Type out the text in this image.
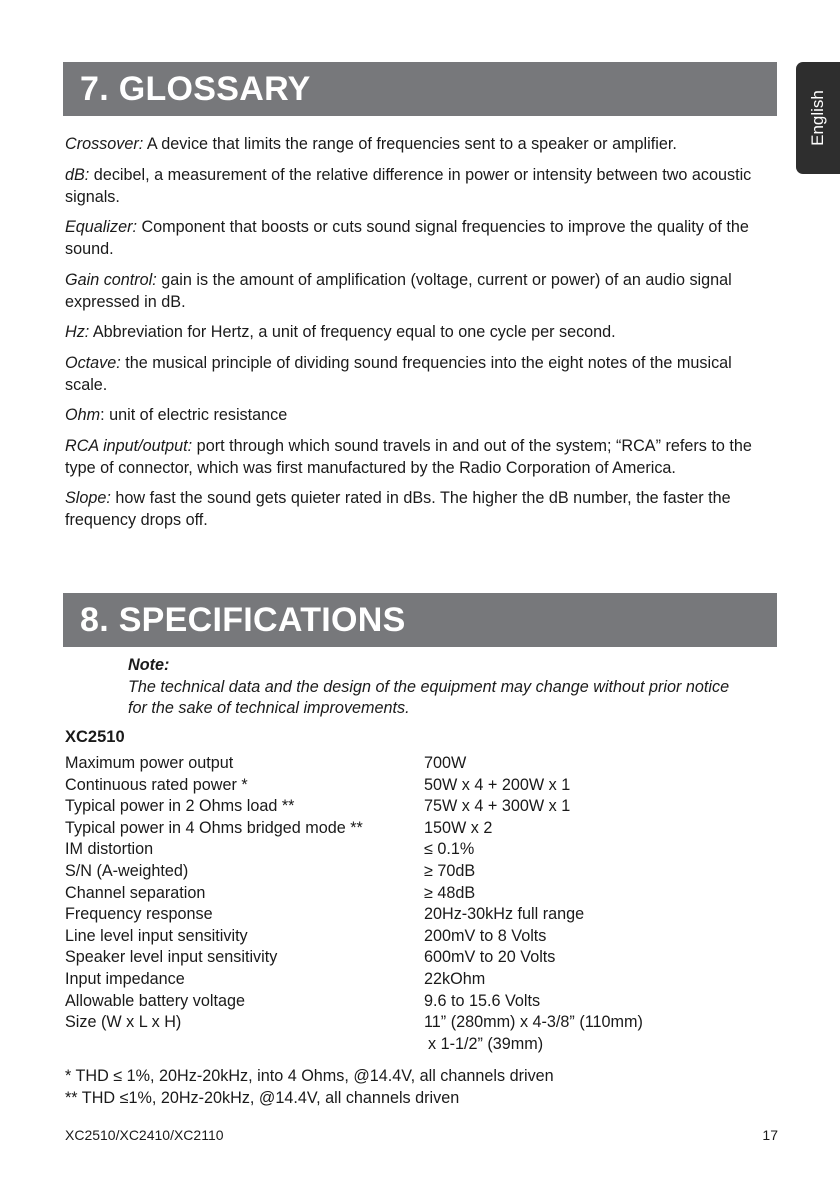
English
7. GLOSSARY

Crossover: A device that limits the range of frequencies sent to a speaker or amplifier.

dB: decibel, a measurement of the relative difference in power or intensity between two acoustic signals.

Equalizer: Component that boosts or cuts sound signal frequencies to improve the quality of the sound.

Gain control: gain is the amount of amplification (voltage, current or power) of an audio signal expressed in dB.

Hz: Abbreviation for Hertz, a unit of frequency equal to one cycle per second.

Octave: the musical principle of dividing sound frequencies into the eight notes of the musical scale.

Ohm: unit of electric resistance

RCA input/output: port through which sound travels in and out of the system; “RCA” refers to the type of connector, which was first manufactured by the Radio Corporation of America.

Slope: how fast the sound gets quieter rated in dBs. The higher the dB number, the faster the frequency drops off.

8. SPECIFICATIONS
Note:
The technical data and the design of the equipment may change without prior notice for the sake of technical improvements.
XC2510
Maximum power output	700W
Continuous rated power *	50W x 4 + 200W x 1
Typical power in 2 Ohms load **	75W x 4 + 300W x 1
Typical power in 4 Ohms bridged mode **	150W x 2
IM distortion	≤ 0.1%
S/N (A-weighted)	≥ 70dB
Channel separation	≥ 48dB
Frequency response	20Hz-30kHz full range
Line level input sensitivity	200mV to 8 Volts
Speaker level input sensitivity	600mV to 20 Volts
Input impedance	22kOhm
Allowable battery voltage	9.6 to 15.6 Volts
Size (W x L x H)	11” (280mm) x 4-3/8” (110mm)
x 1-1/2” (39mm)
* THD ≤ 1%, 20Hz-20kHz, into 4 Ohms, @14.4V, all channels driven
** THD ≤1%, 20Hz-20kHz, @14.4V, all channels driven
XC2510/XC2410/XC2110	17
